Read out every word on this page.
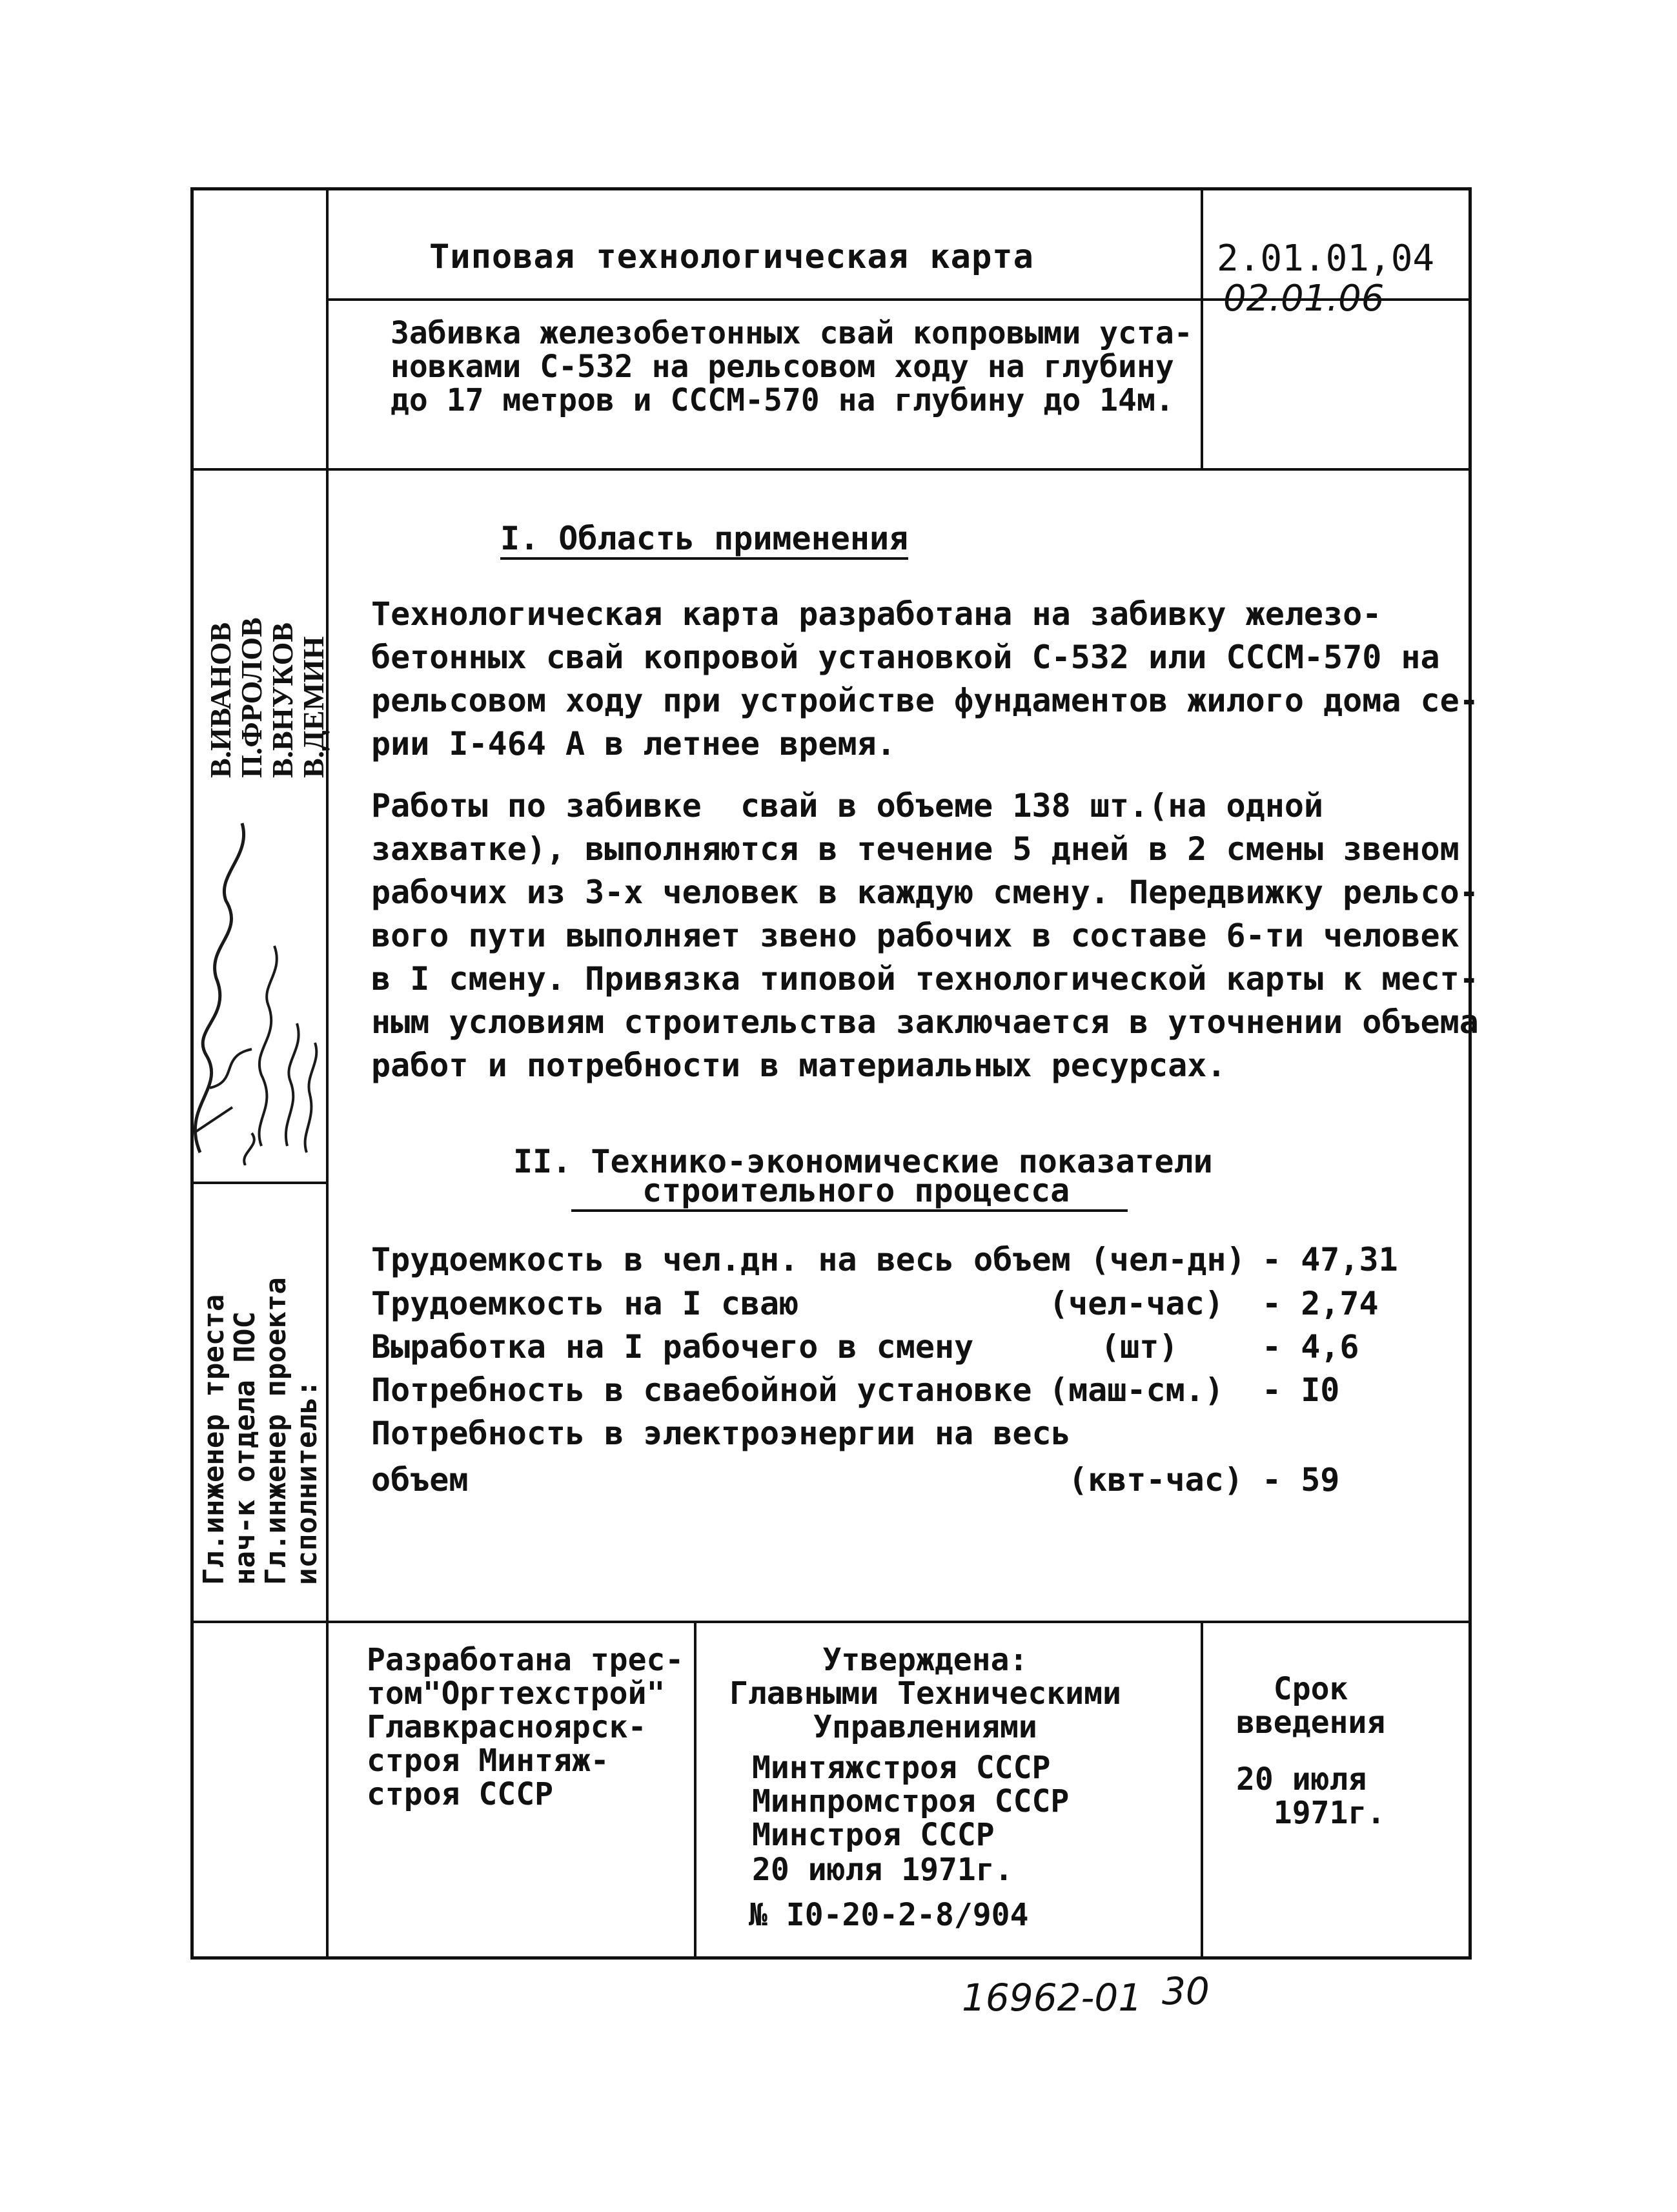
Типовая технологическая карта	2.01.01,04
02.01.06
Забивка железобетонных свай копровыми уста-
новками С-532 на рельсовом ходу на глубину
до 17 метров и СССМ-570 на глубину до 14м.
I. Область применения
Технологическая карта разработана на забивку железо-
бетонных свай копровой установкой С-532 или СССМ-570 на
рельсовом ходу при устройстве фундаментов жилого дома се-
рии I-464 А в летнее время.
Работы по забивке  свай в объеме 138 шт.(на одной
захватке), выполняются в течение 5 дней в 2 смены звеном
рабочих из 3-х человек в каждую смену. Передвижку рельсо-
вого пути выполняет звено рабочих в составе 6-ти человек
в I смену. Привязка типовой технологической карты к мест-
ным условиям строительства заключается в уточнении объема
работ и потребности в материальных ресурсах.
II. Технико-экономические показатели
строительного процесса
Трудоемкость в чел.дн. на весь объем (чел-дн) - 47,31
Трудоемкость на I сваю	(чел-час) - 2,74
Выработка на I рабочего в смену	(шт)	- 4,6
Потребность в сваебойной установке (маш-см.) - I0
Потребность в электроэнергии на весь
объем	(квт-час) - 59
В.ИВАНОВ
П.ФРОЛОВ
В.ВНУКОВ
В.ДЕМИН
Гл.инженер треста
нач-к отдела ПОС
Гл.инженер проекта
исполнитель:
Разработана трес-
том"Оргтехстрой"
Главкрасноярск-
строя Минтяж-
строя СССР
Утверждена:
Главными Техническими
Управлениями
Минтяжстроя СССР
Минпромстроя СССР
Минстроя СССР
20 июля 1971г.
№ I0-20-2-8/904
Срок
введения
20 июля
1971г.
16962-01 30
